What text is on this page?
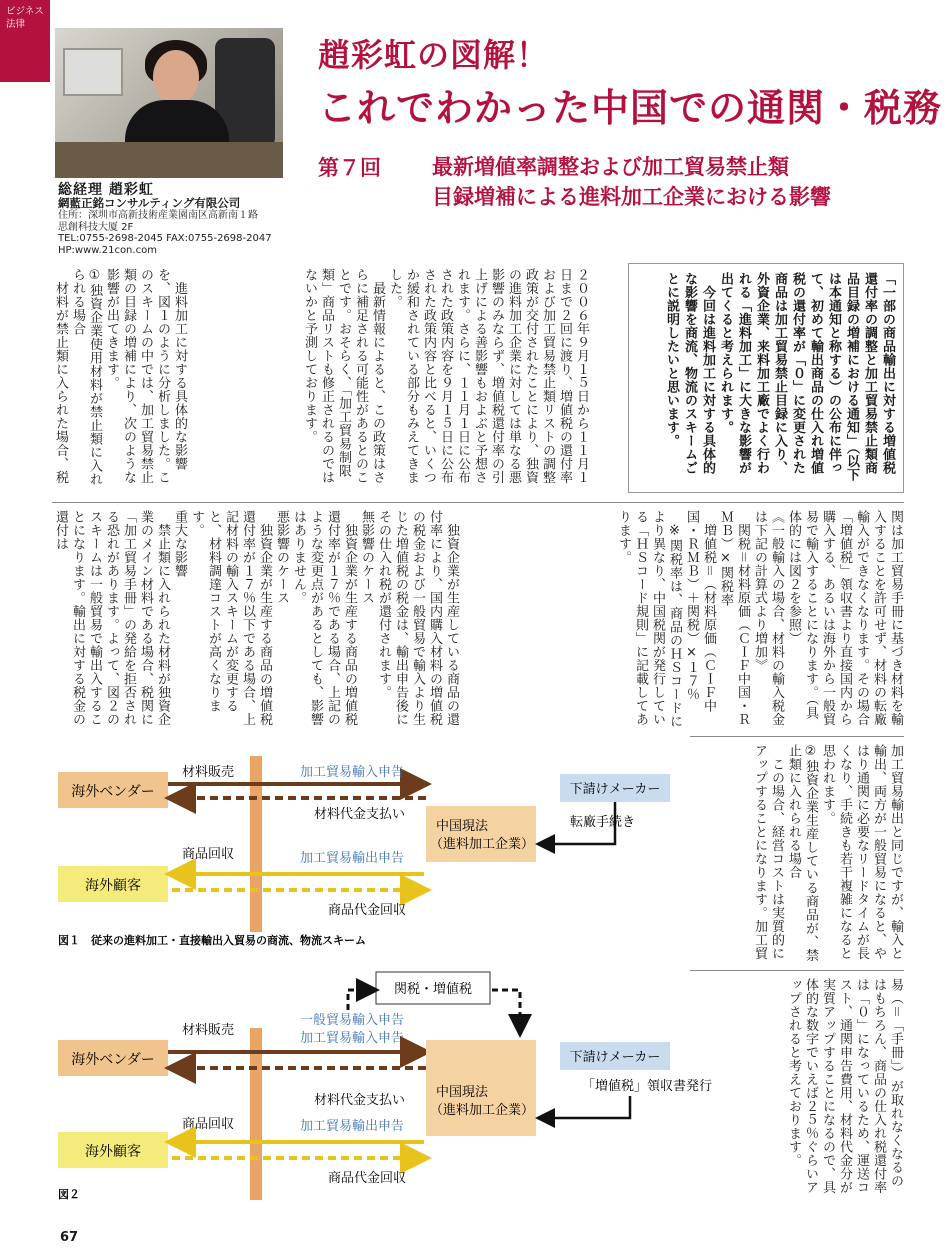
ビジネス
法律
総経理 趙彩虹
網藍正銘コンサルティング有限公司
住所：深圳市高新技術産業園南区高新南１路
思創科技大厦 2F
TEL:0755-2698-2045 FAX:0755-2698-2047
HP:www.21con.com
趙彩虹の図解！
これでわかった中国での通関・税務
第７回 最新増値率調整および加工貿易禁止類
目録増補による進料加工企業における影響
「一部の商品輸出に対する増値税還付率の調整と加工貿易禁止類商品目録の増補における通知」（以下は本通知と称する）の公布に伴って、初めて輸出商品の仕入れ増値税の還付率が「０」に変更された商品は加工貿易禁止目録に入り、外資企業、来料加工廠でよく行われる「進料加工」に大きな影響が出てくると考えられます。
　今回は進料加工に対する具体的な影響を商流、物流のスキームごとに説明したいと思います。
２００６年９月１５日から１１月１日まで２回に渡り、増値税の還付率および加工貿易禁止類リストの調整政策が交付されたことにより、独資の進料加工企業に対しては単なる悪影響のみならず、増値税還付率の引上げによる善影響もおよぶと予想されます。さらに、１１月１日に公布された政策内容を９月１５日に公布された政策内容と比べると、いくつか緩和されている部分もみえてきました。
　最新情報によると、この政策はさらに補足される可能性があるとのことです。おそらく、「加工貿易制限類」商品リストも修正されるのではないかと予測しております。
　進料加工に対する具体的な影響を、図１のように分析しました。このスキームの中では、加工貿易禁止類の目録の増補により、次のような影響が出てきます。
①独資企業使用材料が禁止類に入れられる場合
　材料が禁止類に入られた場合、税
関は加工貿易手冊に基づき材料を輸入することを許可せず、材料の転廠輸入ができなくなります。その場合「増値税」領収書より直接国内から購入する、あるいは海外から一般貿易で輸入することになります。（具体的には図２を参照）
《一般輸入の場合、材料の輸入税金は下記の計算式より増加》
　関税＝材料原価（ＣＩＦ中国・ＲＭＢ）×関税率
　増値税＝（材料原価（ＣＩＦ中国・ＲＭＢ）＋関税）×１７％
　※関税率は、商品のＨＳコードにより異なり、中国税関が発行している「ＨＳコード規則」に記載してあります。
　独資企業が生産している商品の還付率により、国内購入材料の増値税の税金および一般貿易で輸入より生じた増値税の税金は、輸出申告後にその仕入れ税が還付されます。
無影響のケース
　独資企業が生産する商品の増値税還付率が１７％である場合、上記のような変更点があるとしても、影響はありません。
悪影響のケース
　独資企業が生産する商品の増値税還付率が１７％以下である場合、上記材料の輸入スキームが変更すると、材料調達コストが高くなります。
重大な影響
　禁止類に入れられた材料が独資企業のメイン材料である場合、税関に「加工貿易手冊」の発給を拒否される恐れがあります。よって、図２のスキームは一般貿易で輸出入することになります。輸出に対する税金の還付は
加工貿易輸出と同じですが、輸入と輸出、両方が一般貿易になると、やはり通関に必要なリードタイムが長くなり、手続きも若干複雑になると思われます。
②独資企業生産している商品が、禁止類に入れられる場合
　この場合、経営コストは実質的にアップすることになります。加工貿
易（＝「手冊」）が取れなくなるのはもちろん、商品の仕入れ税還付率は「０」になっているため、運送コスト、通関申告費用、材料代金分が実質アップすることになるので、具体的な数字でいえば２５％ぐらいアップされると考えております。
海外ベンダー
海外顧客
中国現法
（進料加工企業）
下請けメーカー
材料販売	加工貿易輸入申告
材料代金支払い
商品回収	加工貿易輸出申告
商品代金回収
転廠手続き
図１　従来の進料加工・直接輸出入貿易の商流、物流スキーム
関税・増値税
一般貿易輸入申告
加工貿易輸入申告
海外ベンダー
材料販売
中国現法
（進料加工企業）
下請けメーカー
「増値税」領収書発行
材料代金支払い
商品回収	加工貿易輸出申告
海外顧客
商品代金回収
図２
67
